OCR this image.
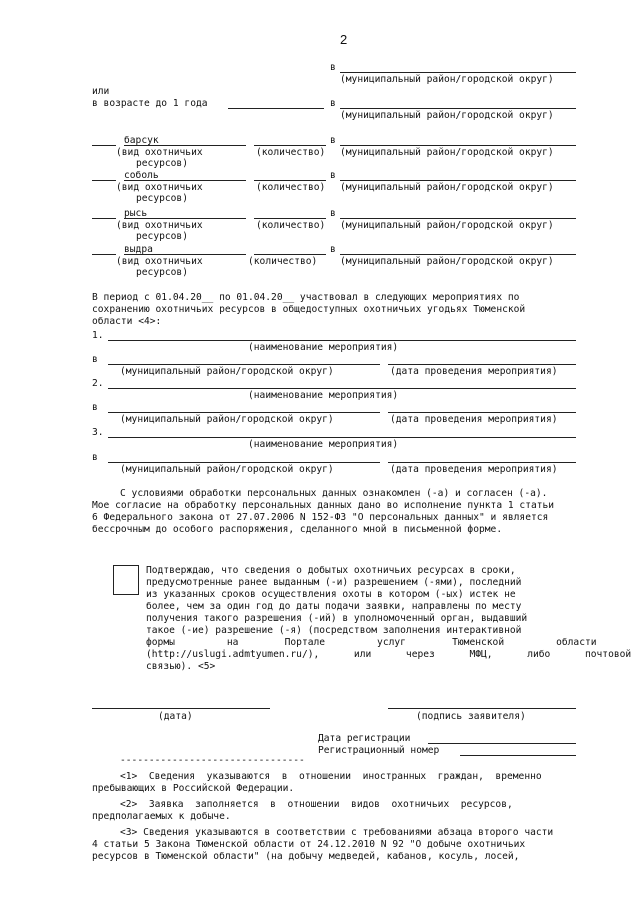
2
в
(муниципальный район/городской округ)
или
в возрасте до 1 года	в
(муниципальный район/городской округ)
барсук	в
(вид охотничьих	(количество) (муниципальный район/городской округ)
ресурсов)
соболь	в
(вид охотничьих	(количество) (муниципальный район/городской округ)
ресурсов)
рысь	в
(вид охотничьих	(количество) (муниципальный район/городской округ)
ресурсов)
выдра	в
(вид охотничьих	(количество) (муниципальный район/городской округ)
ресурсов)
В период с 01.04.20__ по 01.04.20__ участвовал в следующих мероприятиях по
сохранению охотничьих ресурсов в общедоступных охотничьих угодьях Тюменской
области <4>:
1.
(наименование мероприятия)
в
(муниципальный район/городской округ)	(дата проведения мероприятия)
2.
(наименование мероприятия)
в
(муниципальный район/городской округ)	(дата проведения мероприятия)
3.
(наименование мероприятия)
в
(муниципальный район/городской округ)	(дата проведения мероприятия)
С условиями обработки персональных данных ознакомлен (-а) и согласен (-а).
Мое согласие на обработку персональных данных дано во исполнение пункта 1 статьи
6 Федерального закона от 27.07.2006 N 152-ФЗ "О персональных данных" и является
бессрочным до особого распоряжения, сделанного мной в письменной форме.
Подтверждаю, что сведения о добытых охотничьих ресурсах в сроки,
предусмотренные ранее выданным (-и) разрешением (-ями), последний
из указанных сроков осуществления охоты в котором (-ых) истек не
более, чем за один год до даты подачи заявки, направлены по месту
получения такого разрешения (-ий) в уполномоченный орган, выдавший
такое (-ие) разрешение (-я) (посредством заполнения интерактивной
формы         на        Портале         услуг        Тюменской         области
(http://uslugi.admtyumen.ru/),      или      через      МФЦ,      либо      почтовой
связью). <5>
(дата)	(подпись заявителя)
Дата регистрации
Регистрационный номер
--------------------------------
<1>  Сведения  указываются  в  отношении  иностранных  граждан,  временно
пребывающих в Российской Федерации.
<2>  Заявка  заполняется  в  отношении  видов  охотничьих  ресурсов,
предполагаемых к добыче.
<3> Сведения указываются в соответствии с требованиями абзаца второго части
4 статьи 5 Закона Тюменской области от 24.12.2010 N 92 "О добыче охотничьих
ресурсов в Тюменской области" (на добычу медведей, кабанов, косуль, лосей,
